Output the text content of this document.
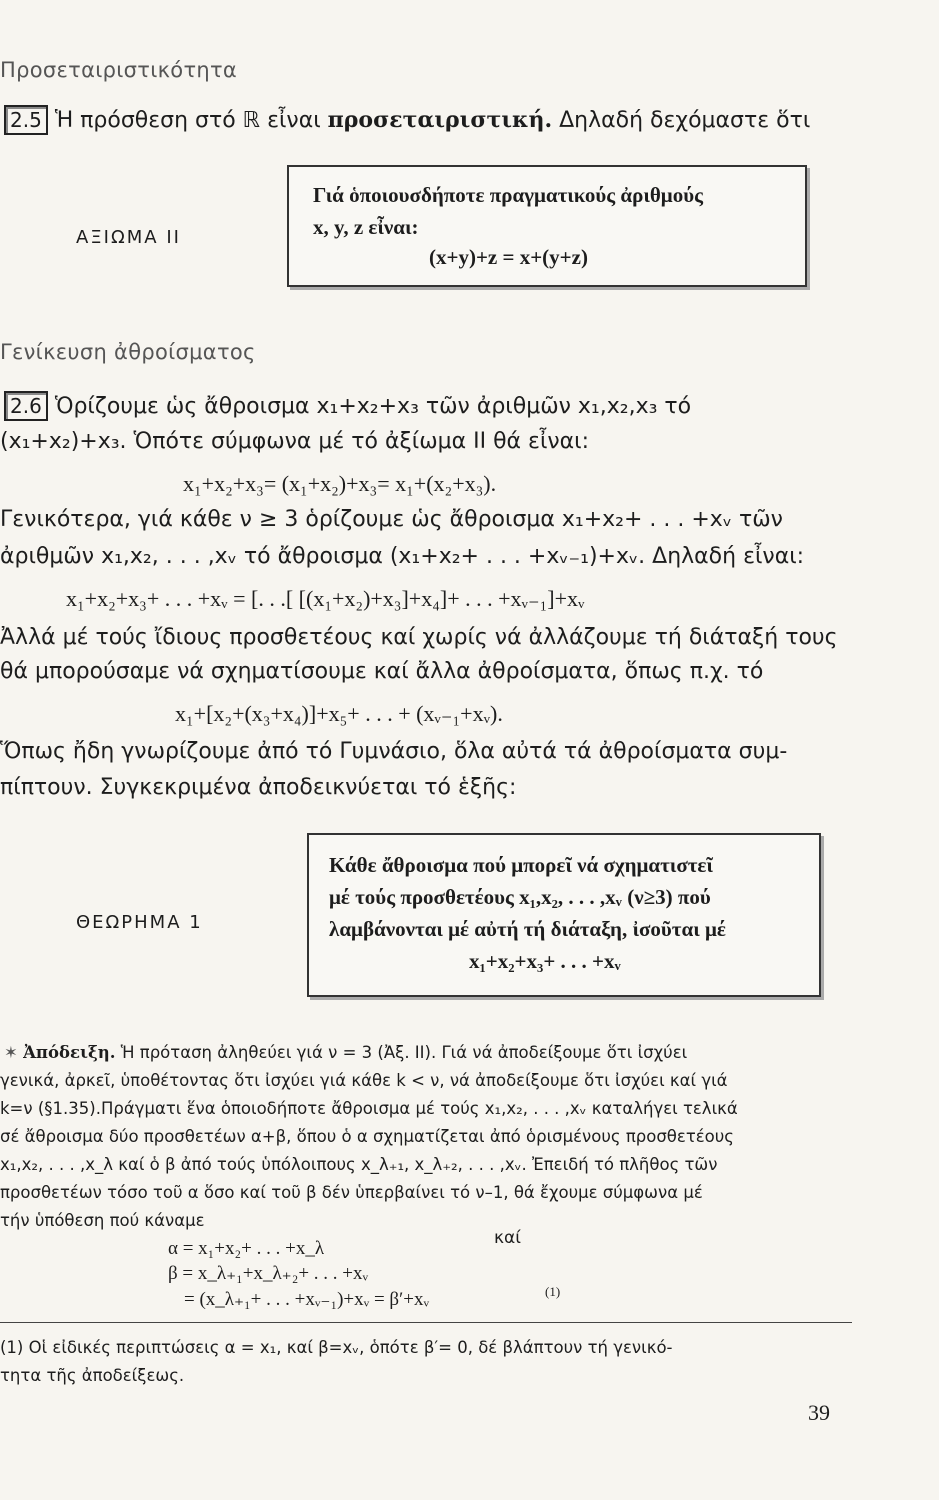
Προσεταιριστικότητα
2.5 Ἡ πρόσθεση στό ℝ εἶναι προσεταιριστική. Δηλαδή δεχόμαστε ὅτι
ΑΞΙΩΜΑ ΙΙ
Γιά ὁποιουσδήποτε πραγματικούς ἀριθμούς
x, y, z εἶναι:
(x+y)+z = x+(y+z)
Γενίκευση ἀθροίσματος
2.6 Ὁρίζουμε ὡς ἄθροισμα x₁+x₂+x₃ τῶν ἀριθμῶν x₁,x₂,x₃ τό
(x₁+x₂)+x₃. Ὁπότε σύμφωνα μέ τό ἀξίωμα ΙΙ θά εἶναι:
x₁+x₂+x₃= (x₁+x₂)+x₃= x₁+(x₂+x₃).
Γενικότερα, γιά κάθε ν ≥ 3 ὁρίζουμε ὡς ἄθροισμα x₁+x₂+ . . . +xᵥ τῶν
ἀριθμῶν x₁,x₂, . . . ,xᵥ τό ἄθροισμα (x₁+x₂+ . . . +xᵥ₋₁)+xᵥ. Δηλαδή εἶναι:
x₁+x₂+x₃+ . . . +xᵥ = [. . .[ [(x₁+x₂)+x₃]+x₄]+ . . . +xᵥ₋₁]+xᵥ
Ἀλλά μέ τούς ἴδιους προσθετέους καί χωρίς νά ἀλλάζουμε τή διάταξή τους
θά μπορούσαμε νά σχηματίσουμε καί ἄλλα ἀθροίσματα, ὅπως π.χ. τό
x₁+[x₂+(x₃+x₄)]+x₅+ . . . + (xᵥ₋₁+xᵥ).
Ὅπως ἤδη γνωρίζουμε ἀπό τό Γυμνάσιο, ὅλα αὐτά τά ἀθροίσματα συμ-
πίπτουν. Συγκεκριμένα ἀποδεικνύεται τό ἑξῆς:
ΘΕΩΡΗΜΑ 1
Κάθε ἄθροισμα πού μπορεῖ νά σχηματιστεῖ
μέ τούς προσθετέους x₁,x₂, . . . ,xᵥ (ν≥3) πού
λαμβάνονται μέ αὐτή τή διάταξη, ἰσοῦται μέ
x₁+x₂+x₃+ . . . +xᵥ
✶ Ἀπόδειξη. Ἡ πρόταση ἀληθεύει γιά ν = 3 (Ἀξ. ΙΙ). Γιά νά ἀποδείξουμε ὅτι ἰσχύει
γενικά, ἀρκεῖ, ὑποθέτοντας ὅτι ἰσχύει γιά κάθε k < ν, νά ἀποδείξουμε ὅτι ἰσχύει καί γιά
k=ν (§1.35).Πράγματι ἕνα ὁποιοδήποτε ἄθροισμα μέ τούς x₁,x₂, . . . ,xᵥ καταλήγει τελικά
σέ ἄθροισμα δύο προσθετέων α+β, ὅπου ὁ α σχηματίζεται ἀπό ὁρισμένους προσθετέους
x₁,x₂, . . . ,x_λ καί ὁ β ἀπό τούς ὑπόλοιπους x_λ₊₁, x_λ₊₂, . . . ,xᵥ. Ἐπειδή τό πλῆθος τῶν
προσθετέων τόσο τοῦ α ὅσο καί τοῦ β δέν ὑπερβαίνει τό ν–1, θά ἔχουμε σύμφωνα μέ
τήν ὑπόθεση πού κάναμε
α = x₁+x₂+ . . . +x_λ	καί
β = x_λ₊₁+x_λ₊₂+ . . . +xᵥ
= (x_λ₊₁+ . . . +xᵥ₋₁)+xᵥ = β′+xᵥ	(1)
(1) Οἱ εἰδικές περιπτώσεις α = x₁, καί β=xᵥ, ὁπότε β′= 0, δέ βλάπτουν τή γενικό-
τητα τῆς ἀποδείξεως.
39
